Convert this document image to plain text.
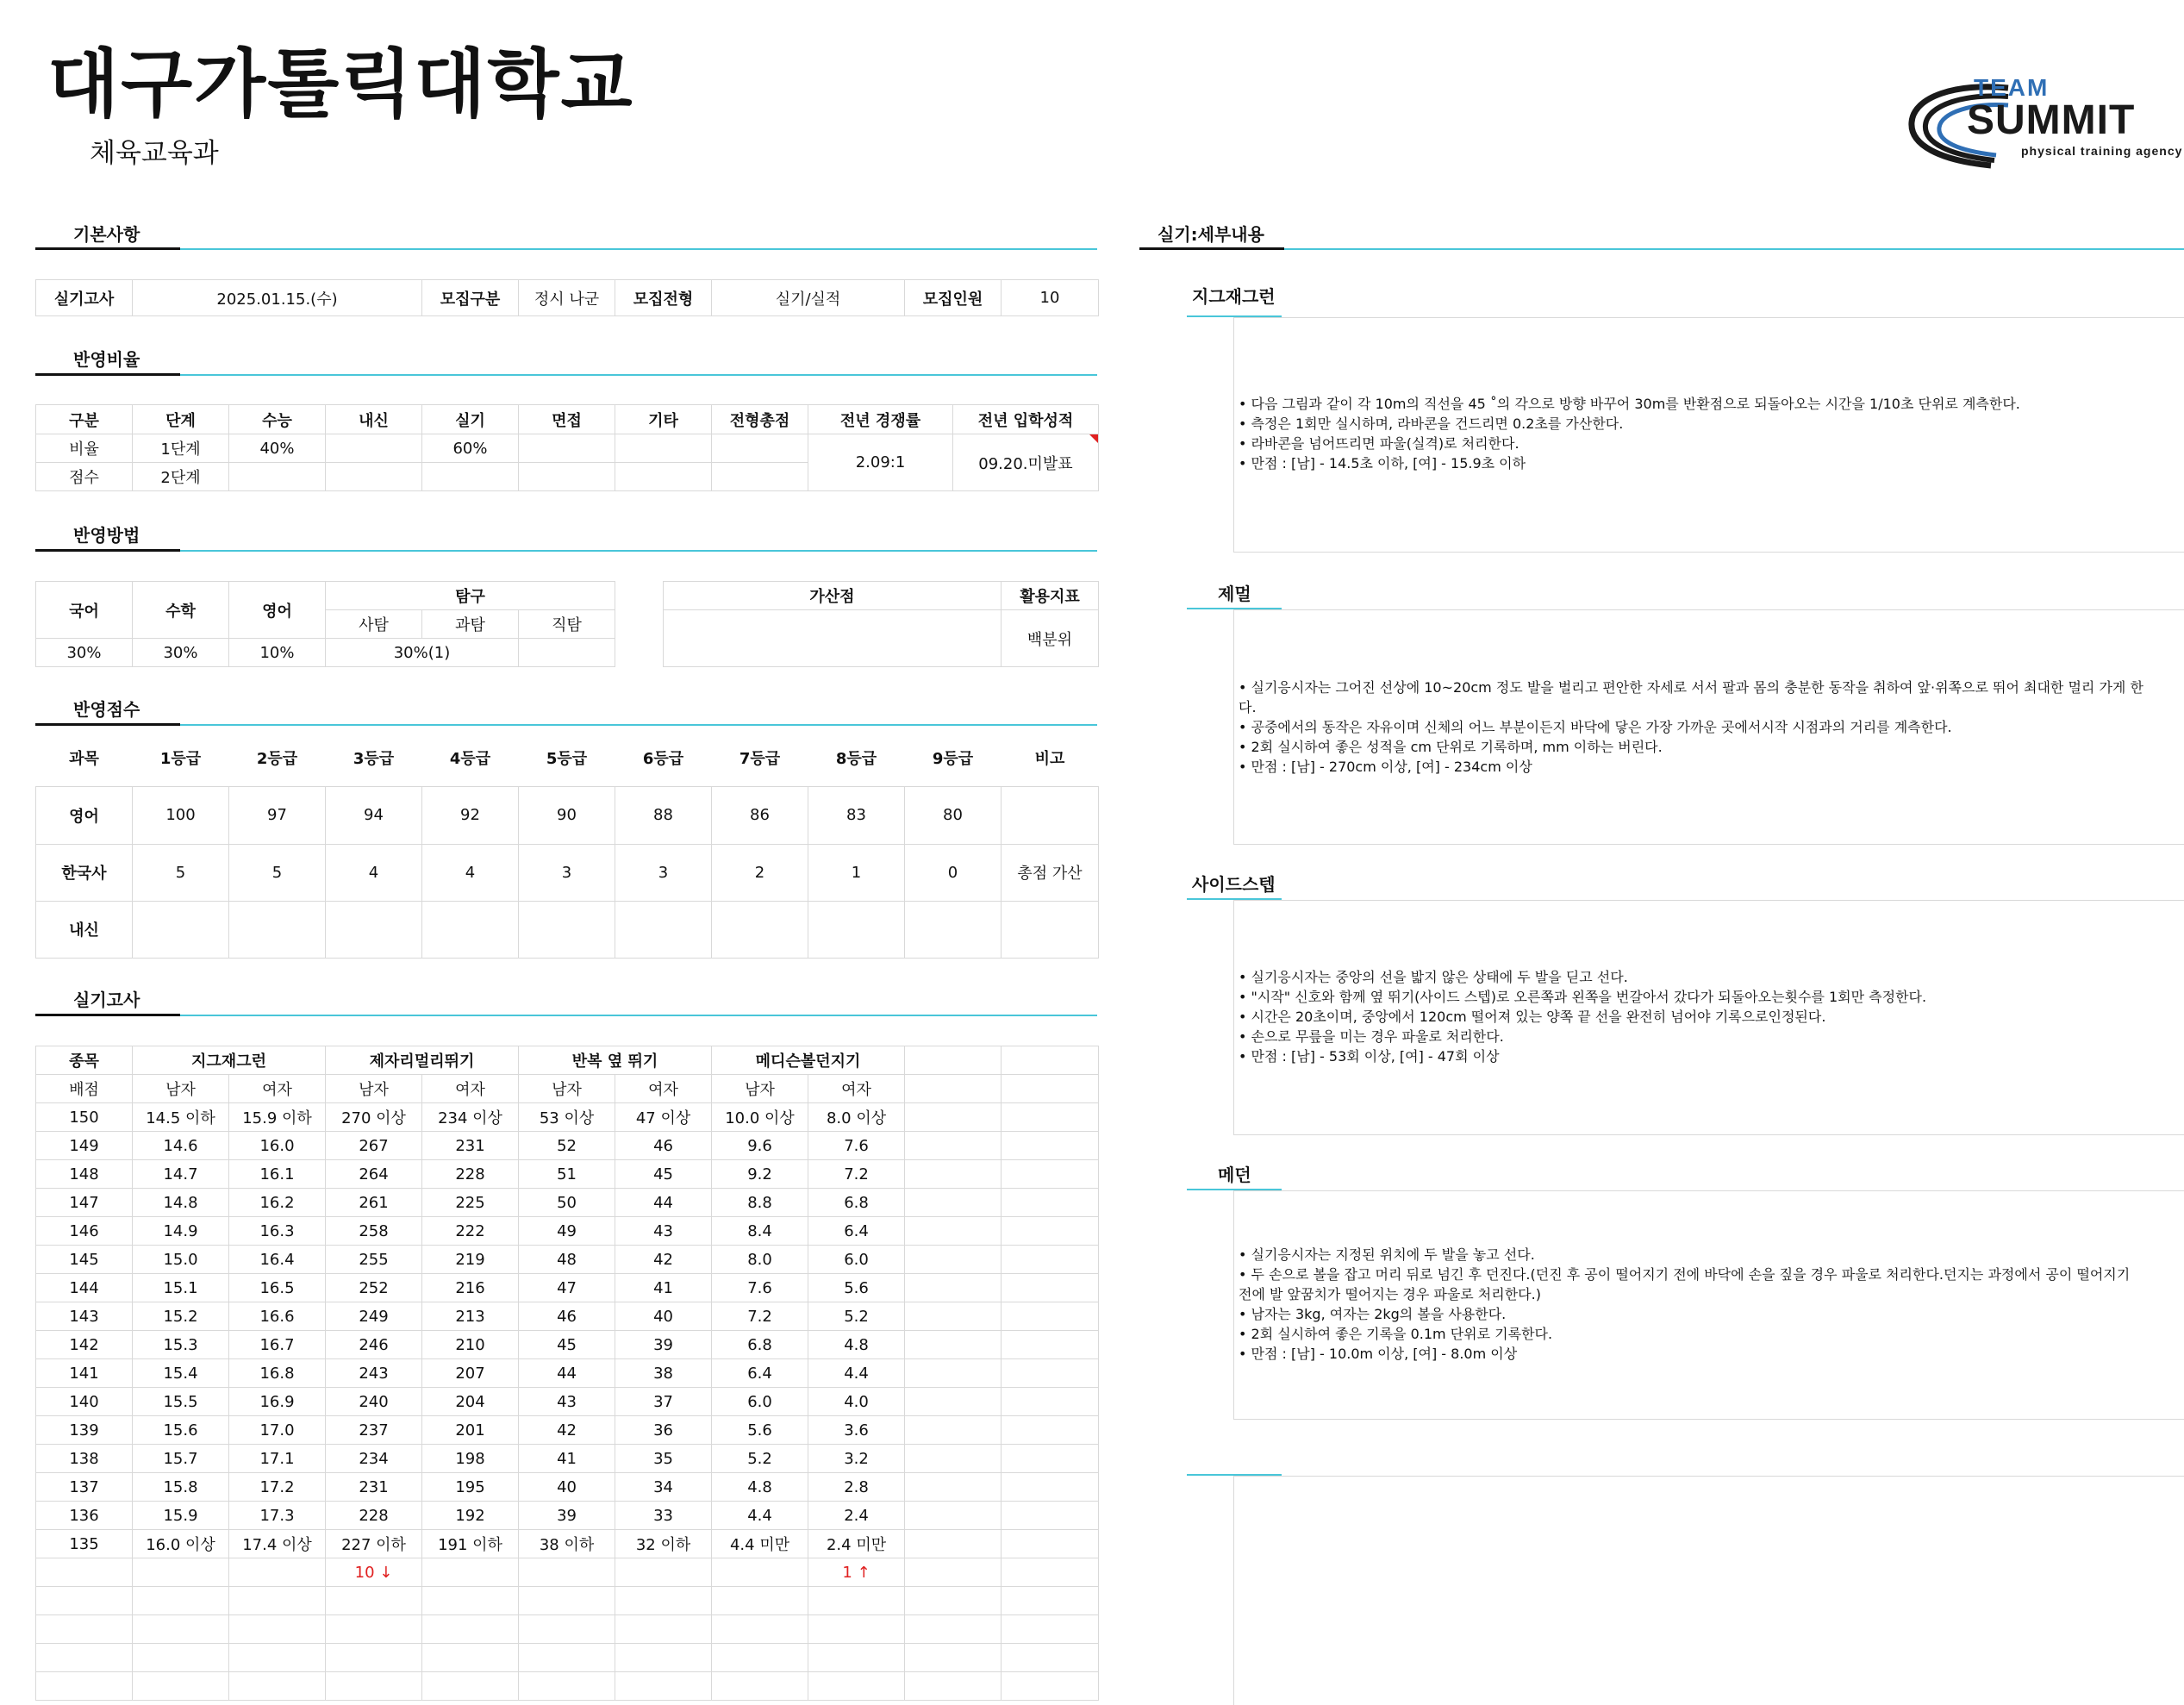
대구가톨릭대학교
체육교육과
TEAM
SUMMIT
physical training agency
기본사항
실기고사	2025.01.15.(수)	모집구분	정시 나군	모집전형	실기/실적	모집인원	10
반영비율
구분	단계	수능	내신	실기	면접	기타	전형총점	전년 경쟁률	전년 입학성적
비율	1단계	40%		60%				2.09:1	09.20.미발표

점수	2단계								
반영방법
국어	수학	영어	탐구		
			사탐	과탐	직탐
30%	30%	10%	30%(1)		
가산점	활용지표
	백분위
반영점수
과목	1등급	2등급	3등급	4등급	5등급	6등급	7등급	8등급	9등급	비고
영어	100	97	94	92	90	88	86	83	80	
한국사	5	5	4	4	3	3	2	1	0	총점 가산
내신										
실기고사
종목	지그재그런		제자리멀리뛰기		반복 옆 뛰기		메디슨볼던지기			
배점	남자	여자	남자	여자	남자	여자	남자	여자		
150	14.5 이하	15.9 이하	270 이상	234 이상	53 이상	47 이상	10.0 이상	8.0 이상		
149	14.6	16.0	267	231	52	46	9.6	7.6		
148	14.7	16.1	264	228	51	45	9.2	7.2		
147	14.8	16.2	261	225	50	44	8.8	6.8		
146	14.9	16.3	258	222	49	43	8.4	6.4		
145	15.0	16.4	255	219	48	42	8.0	6.0		
144	15.1	16.5	252	216	47	41	7.6	5.6		
143	15.2	16.6	249	213	46	40	7.2	5.2		
142	15.3	16.7	246	210	45	39	6.8	4.8		
141	15.4	16.8	243	207	44	38	6.4	4.4		
140	15.5	16.9	240	204	43	37	6.0	4.0		
139	15.6	17.0	237	201	42	36	5.6	3.6		
138	15.7	17.1	234	198	41	35	5.2	3.2		
137	15.8	17.2	231	195	40	34	4.8	2.8		
136	15.9	17.3	228	192	39	33	4.4	2.4		
135	16.0 이상	17.4 이상	227 이하	191 이하	38 이하	32 이하	4.4 미만	2.4 미만		
			10 ↓					1 ↑		

실기:세부내용
지그재그런
• 다음 그림과 같이 각 10m의 직선을 45 ˚의 각으로 방향 바꾸어 30m를 반환점으로 되돌아오는 시간을 1/10초 단위로 계측한다.
• 측정은 1회만 실시하며, 라바콘을 건드리면 0.2초를 가산한다.
• 라바콘을 넘어뜨리면 파울(실격)로 처리한다.
• 만점 : [남] - 14.5초 이하, [여] - 15.9초 이하
제멀
• 실기응시자는 그어진 선상에 10~20cm 정도 발을 벌리고 편안한 자세로 서서 팔과 몸의 충분한 동작을 취하여 앞·위쪽으로 뛰어 최대한 멀리 가게 한
다.
• 공중에서의 동작은 자유이며 신체의 어느 부분이든지 바닥에 닿은 가장 가까운 곳에서시작 시점과의 거리를 계측한다.
• 2회 실시하여 좋은 성적을 cm 단위로 기록하며, mm 이하는 버린다.
• 만점 : [남] - 270cm 이상, [여] - 234cm 이상
사이드스텝
• 실기응시자는 중앙의 선을 밟지 않은 상태에 두 발을 딛고 선다.
• "시작" 신호와 함께 옆 뛰기(사이드 스텝)로 오른쪽과 왼쪽을 번갈아서 갔다가 되돌아오는횟수를 1회만 측정한다.
• 시간은 20초이며, 중앙에서 120cm 떨어져 있는 양쪽 끝 선을 완전히 넘어야 기록으로인정된다.
• 손으로 무릎을 미는 경우 파울로 처리한다.
• 만점 : [남] - 53회 이상, [여] - 47회 이상
메던
• 실기응시자는 지정된 위치에 두 발을 놓고 선다.
• 두 손으로 볼을 잡고 머리 뒤로 넘긴 후 던진다.(던진 후 공이 떨어지기 전에 바닥에 손을 짚을 경우 파울로 처리한다.던지는 과정에서 공이 떨어지기
전에 발 앞꿈치가 떨어지는 경우 파울로 처리한다.)
• 남자는 3kg, 여자는 2kg의 볼을 사용한다.
• 2회 실시하여 좋은 기록을 0.1m 단위로 기록한다.
• 만점 : [남] - 10.0m 이상, [여] - 8.0m 이상
